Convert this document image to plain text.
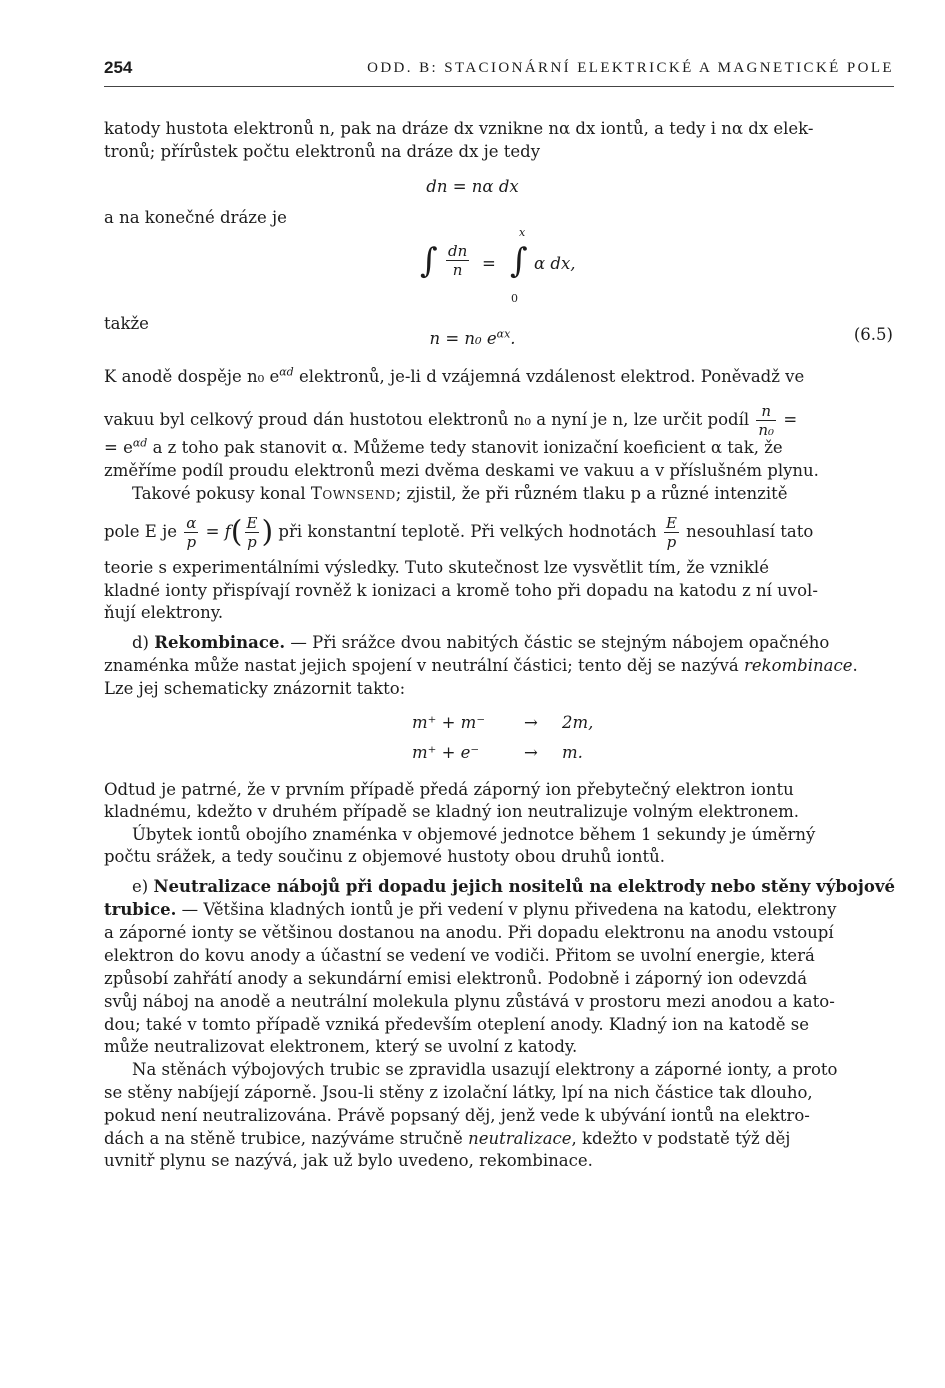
254	ODD. B: STACIONÁRNÍ ELEKTRICKÉ A MAGNETICKÉ POLE
katody hustota elektronů n, pak na dráze dx vznikne nα dx iontů, a tedy i nα dx elek-
tronů; přírůstek počtu elektronů na dráze dx je tedy
dn = nα dx
a na konečné dráze je
∫ $\frac{dn}{n}$ =
x
∫
0
α dx,
takže
n = n₀ $e^{\alpha x}$.	(6.5)
K anodě dospěje n₀ $e^{\alpha d}$ elektronů, je-li d vzájemná vzdálenost elektrod. Poněvadž ve
vakuu byl celkový proud dán hustotou elektronů n₀ a nyní je n, lze určit podíl $\frac{n}{\text{n₀}}$ =
= $e^{\alpha d}$ a z toho pak stanovit α. Můžeme tedy stanovit ionizační koeficient α tak, že
změříme podíl proudu elektronů mezi dvěma deskami ve vakuu a v příslušném plynu.
Takové pokusy konal Townsend; zjistil, že při různém tlaku p a různé intenzitě
pole E je $\frac{\alpha}{p} = f( \frac{E}{p}$ ) při konstantní teplotě. Při velkých hodnotách $\frac{E}{p}$ nesouhlasí tato
teorie s experimentálními výsledky. Tuto skutečnost lze vysvětlit tím, že vzniklé
kladné ionty přispívají rovněž k ionizaci a kromě toho při dopadu na katodu z ní uvol-
ňují elektrony.
d) Rekombinace. — Při srážce dvou nabitých částic se stejným nábojem opačného
znaménka může nastat jejich spojení v neutrální částici; tento děj se nazývá rekombinace.
Lze jej schematicky znázornit takto:
m⁺ + m⁻ → 2m,
m⁺ + e⁻	→ m.
Odtud je patrné, že v prvním případě předá záporný ion přebytečný elektron iontu
kladnému, kdežto v druhém případě se kladný ion neutralizuje volným elektronem.
Úbytek iontů obojího znaménka v objemové jednotce během 1 sekundy je úměrný
počtu srážek, a tedy součinu z objemové hustoty obou druhů iontů.
e) Neutralizace nábojů při dopadu jejich nositelů na elektrody nebo stěny výbojové
trubice. — Většina kladných iontů je při vedení v plynu přivedena na katodu, elektrony
a záporné ionty se většinou dostanou na anodu. Při dopadu elektronu na anodu vstoupí
elektron do kovu anody a účastní se vedení ve vodiči. Přitom se uvolní energie, která
způsobí zahřátí anody a sekundární emisi elektronů. Podobně i záporný ion odevzdá
svůj náboj na anodě a neutrální molekula plynu zůstává v prostoru mezi anodou a kato-
dou; také v tomto případě vzniká především oteplení anody. Kladný ion na katodě se
může neutralizovat elektronem, který se uvolní z katody.
Na stěnách výbojových trubic se zpravidla usazují elektrony a záporné ionty, a proto
se stěny nabíjejí záporně. Jsou-li stěny z izolační látky, lpí na nich částice tak dlouho,
pokud není neutralizována. Právě popsaný děj, jenž vede k ubývání iontů na elektro-
dách a na stěně trubice, nazýváme stručně neutralizace, kdežto v podstatě týž děj
uvnitř plynu se nazývá, jak už bylo uvedeno, rekombinace.
